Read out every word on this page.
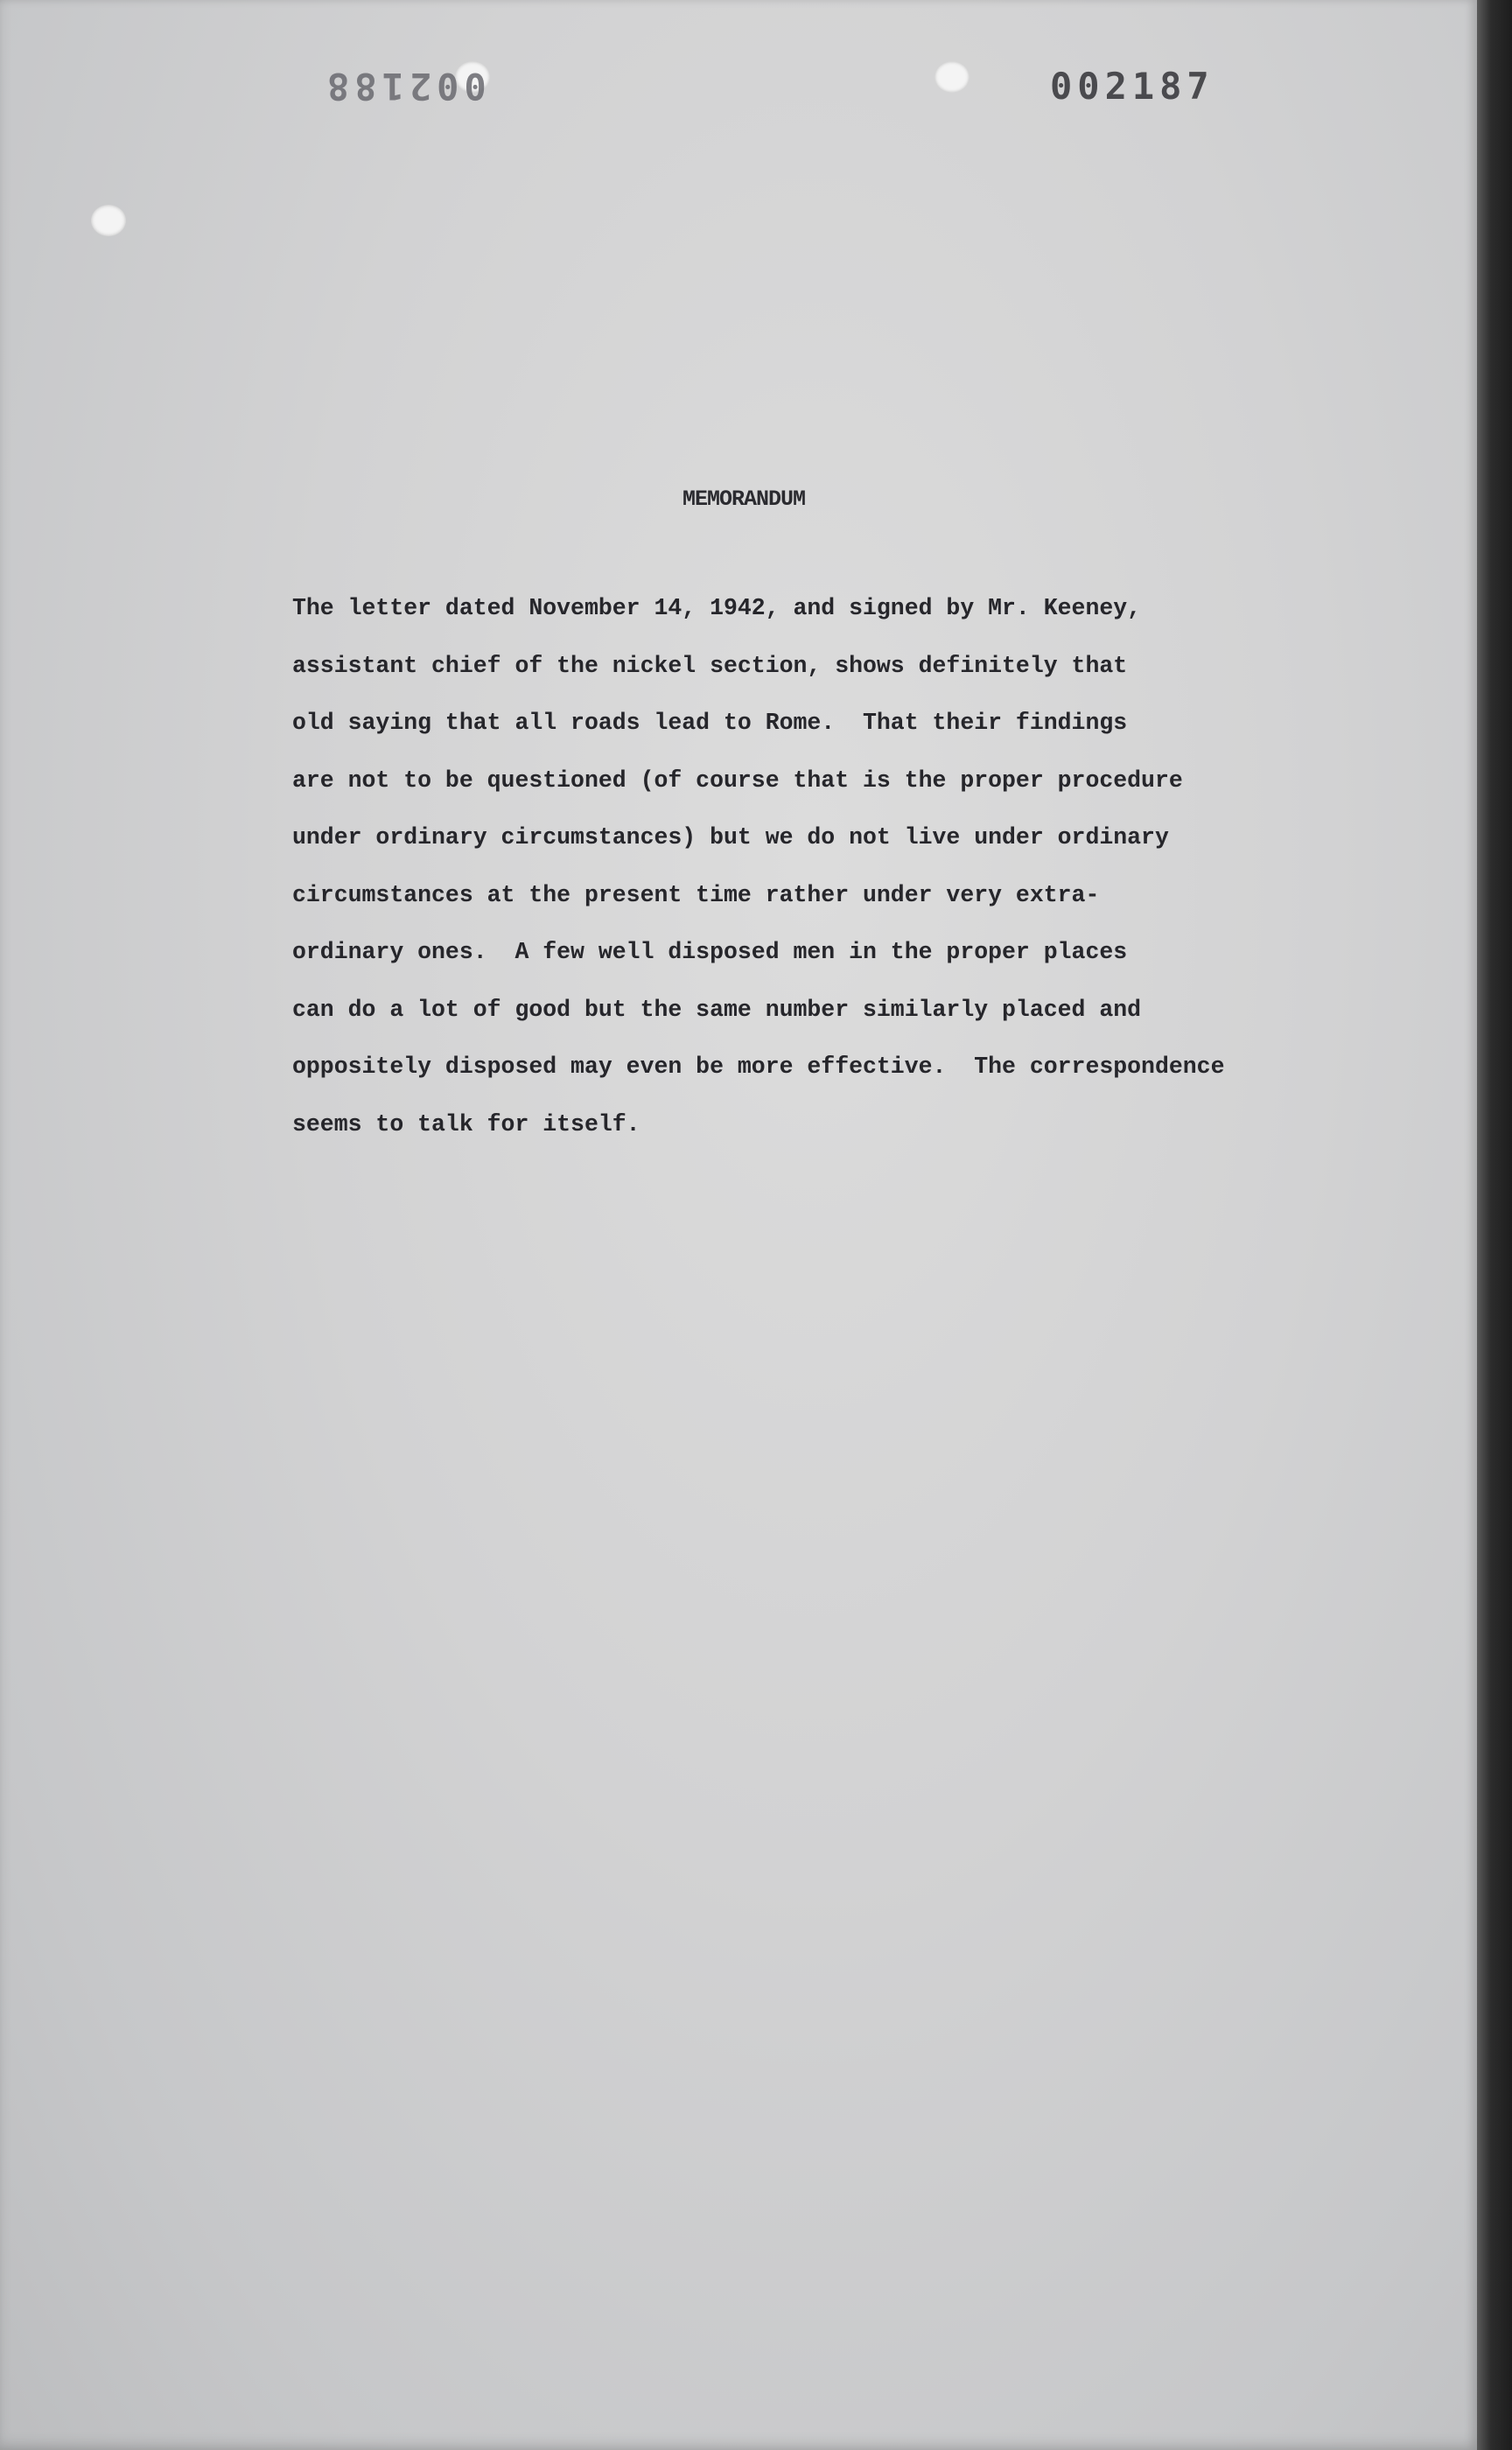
002188	002187
MEMORANDUM
The letter dated November 14, 1942, and signed by Mr. Keeney,
assistant chief of the nickel section, shows definitely that
old saying that all roads lead to Rome.  That their findings
are not to be questioned (of course that is the proper procedure
under ordinary circumstances) but we do not live under ordinary
circumstances at the present time rather under very extra-
ordinary ones.  A few well disposed men in the proper places
can do a lot of good but the same number similarly placed and
oppositely disposed may even be more effective.  The correspondence
seems to talk for itself.
